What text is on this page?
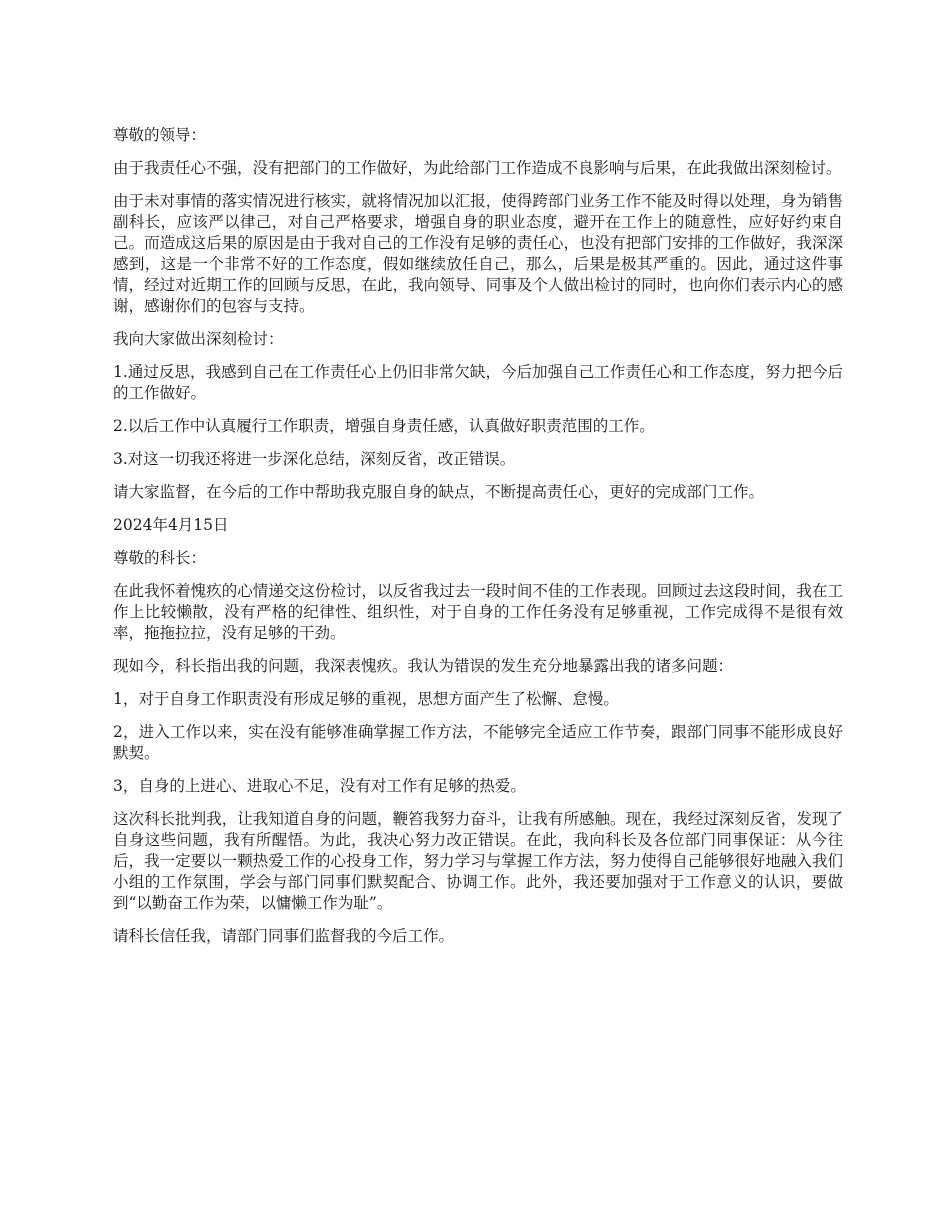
尊敬的领导：

由于我责任心不强，没有把部门的工作做好，为此给部门工作造成不良影响与后果，在此我做出深刻检讨。

由于未对事情的落实情况进行核实，就将情况加以汇报，使得跨部门业务工作不能及时得以处理，身为销售副科长，应该严以律己，对自己严格要求，增强自身的职业态度，避开在工作上的随意性，应好好约束自己。而造成这后果的原因是由于我对自己的工作没有足够的责任心，也没有把部门安排的工作做好，我深深感到，这是一个非常不好的工作态度，假如继续放任自己，那么，后果是极其严重的。因此，通过这件事情，经过对近期工作的回顾与反思，在此，我向领导、同事及个人做出检讨的同时，也向你们表示内心的感谢，感谢你们的包容与支持。

我向大家做出深刻检讨：

1.通过反思，我感到自己在工作责任心上仍旧非常欠缺，今后加强自己工作责任心和工作态度，努力把今后的工作做好。

2.以后工作中认真履行工作职责，增强自身责任感，认真做好职责范围的工作。

3.对这一切我还将进一步深化总结，深刻反省，改正错误。

请大家监督，在今后的工作中帮助我克服自身的缺点，不断提高责任心，更好的完成部门工作。

2024年4月15日

尊敬的科长：

在此我怀着愧疚的心情递交这份检讨，以反省我过去一段时间不佳的工作表现。回顾过去这段时间，我在工作上比较懒散，没有严格的纪律性、组织性，对于自身的工作任务没有足够重视，工作完成得不是很有效率，拖拖拉拉，没有足够的干劲。

现如今，科长指出我的问题，我深表愧疚。我认为错误的发生充分地暴露出我的诸多问题：

1，对于自身工作职责没有形成足够的重视，思想方面产生了松懈、怠慢。

2，进入工作以来，实在没有能够准确掌握工作方法，不能够完全适应工作节奏，跟部门同事不能形成良好默契。

3，自身的上进心、进取心不足，没有对工作有足够的热爱。

这次科长批判我，让我知道自身的问题，鞭笞我努力奋斗，让我有所感触。现在，我经过深刻反省，发现了自身这些问题，我有所醒悟。为此，我决心努力改正错误。在此，我向科长及各位部门同事保证：从今往后，我一定要以一颗热爱工作的心投身工作，努力学习与掌握工作方法，努力使得自己能够很好地融入我们小组的工作氛围，学会与部门同事们默契配合、协调工作。此外，我还要加强对于工作意义的认识，要做到“以勤奋工作为荣，以慵懒工作为耻”。

请科长信任我，请部门同事们监督我的今后工作。
